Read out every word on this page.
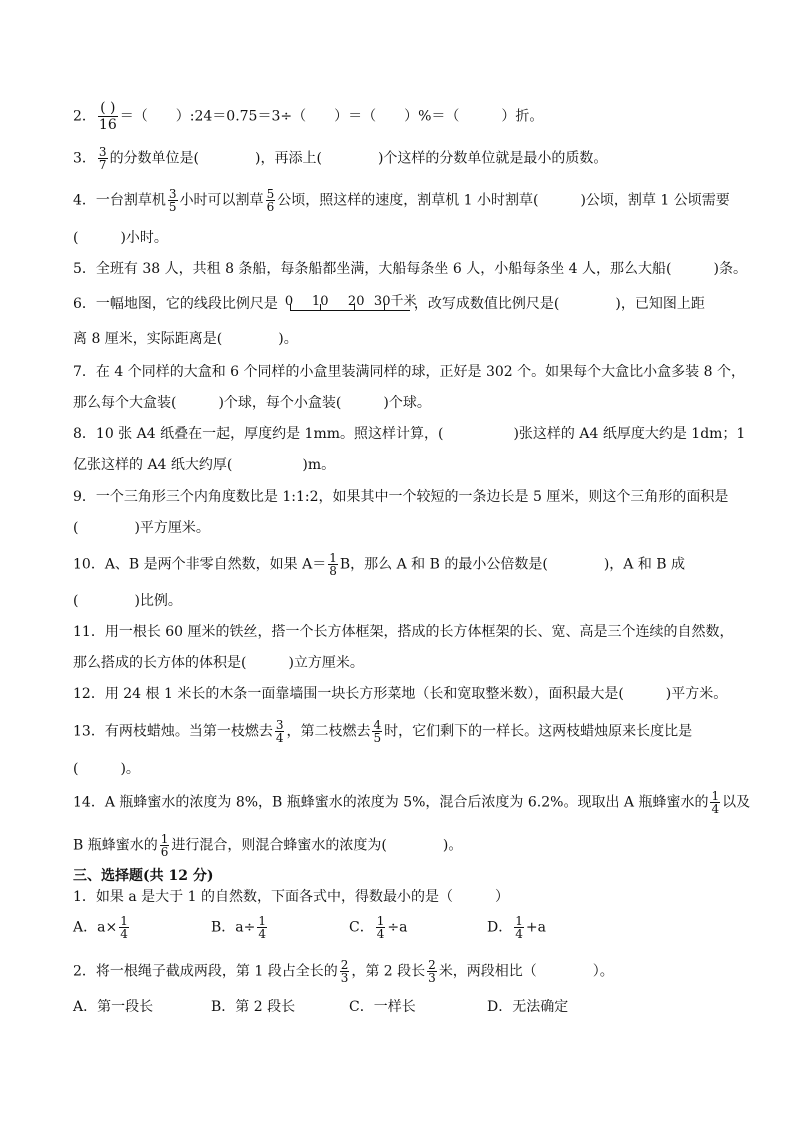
2．
( )
16
＝（　　）:24＝0.75＝3÷（　　）＝（　　）%＝（　　　）折。
3． $\frac{3}{7}$ 的分数单位是(　　　　)，再添上(　　　　)个这样的分数单位就是最小的质数。
4．一台割草机 $\frac{3}{5}$ 小时可以割草 $\frac{5}{6}$ 公顷，照这样的速度，割草机 1 小时割草(　　　)公顷，割草 1 公顷需要
(　　　)小时。
5．全班有 38 人，共租 8 条船，每条船都坐满，大船每条坐 6 人，小船每条坐 4 人，那么大船(　　　)条。
6．一幅地图，它的线段比例尺是 0 10 20 30千米
，改写成数值比例尺是(　　　　)，已知图上距
离 8 厘米，实际距离是(　　　　)。
7．在 4 个同样的大盒和 6 个同样的小盒里装满同样的球，正好是 302 个。如果每个大盒比小盒多装 8 个，
那么每个大盒装(　　　)个球，每个小盒装(　　　)个球。
8．10 张 A4 纸叠在一起，厚度约是 1mm。照这样计算，(　　　　　)张这样的 A4 纸厚度大约是 1dm；1
亿张这样的 A4 纸大约厚(　　　　　)m。
9．一个三角形三个内角度数比是 1:1:2，如果其中一个较短的一条边长是 5 厘米，则这个三角形的面积是
(　　　　)平方厘米。
10．A、B 是两个非零自然数，如果 $A= \frac{1}{8}$ B，那么 A 和 B 的最小公倍数是(　　　　)，A 和 B 成
(　　　　)比例。
11．用一根长 60 厘米的铁丝，搭一个长方体框架，搭成的长方体框架的长、宽、高是三个连续的自然数，
那么搭成的长方体的体积是(　　　)立方厘米。
12．用 24 根 1 米长的木条一面靠墙围一块长方形菜地（长和宽取整米数），面积最大是(　　　)平方米。
13．有两枝蜡烛。当第一枝燃去 $\frac{3}{4}$ ，第二枝燃去 $\frac{4}{5}$ 时，它们剩下的一样长。这两枝蜡烛原来长度比是
(　　　)。
14．A 瓶蜂蜜水的浓度为 8%，B 瓶蜂蜜水的浓度为 5%，混合后浓度为 6.2%。现取出 A 瓶蜂蜜水的 $\frac{1}{4}$ 以及
B 瓶蜂蜜水的 $\frac{1}{6}$ 进行混合，则混合蜂蜜水的浓度为(　　　　)。
三、选择题(共 12 分)
1．如果 a 是大于 1 的自然数，下面各式中，得数最小的是（　　　）
A．$a\times \frac{1}{4}$	B．$a\div \frac{1}{4}$	C． $\frac{1}{4} \div a$	D． $\frac{1}{4} +a$
2．将一根绳子截成两段，第 1 段占全长的 $\frac{2}{3}$ ，第 2 段长 $\frac{2}{3}$ 米，两段相比（　　　　）。
A．第一段长	B．第 2 段长	C．一样长	D．无法确定
